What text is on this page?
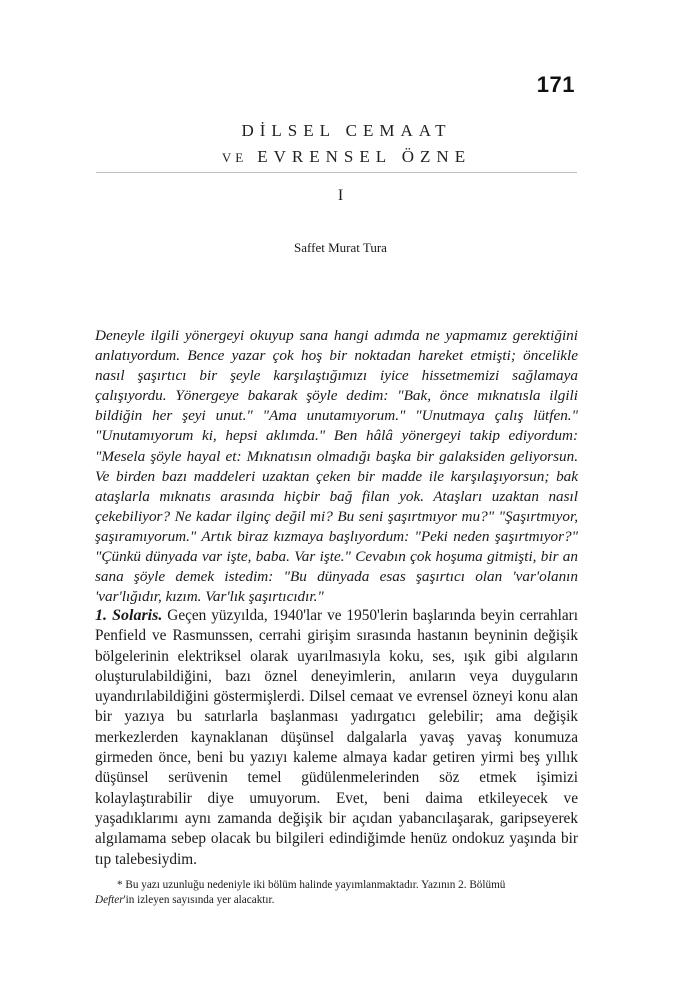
171
DİLSEL CEMAAT
VE EVRENSEL ÖZNE
I
Saffet Murat Tura
Deneyle ilgili yönergeyi okuyup sana hangi adımda ne yapmamız gerektiğini anlatıyordum. Bence yazar çok hoş bir noktadan hareket etmişti; öncelikle nasıl şaşırtıcı bir şeyle karşılaştığımızı iyice hissetmemizi sağlamaya çalışıyordu. Yönergeye bakarak şöyle dedim: "Bak, önce mıknatısla ilgili bildiğin her şeyi unut." "Ama unutamıyorum." "Unutmaya çalış lütfen." "Unutamıyorum ki, hepsi aklımda." Ben hâlâ yönergeyi takip ediyordum: "Mesela şöyle hayal et: Mıknatısın olmadığı başka bir galaksiden geliyorsun. Ve birden bazı maddeleri uzaktan çeken bir madde ile karşılaşıyorsun; bak ataşlarla mıknatıs arasında hiçbir bağ filan yok. Ataşları uzaktan nasıl çekebiliyor? Ne kadar ilginç değil mi? Bu seni şaşırtmıyor mu?" "Şaşırtmıyor, şaşıramıyorum." Artık biraz kızmaya başlıyordum: "Peki neden şaşırtmıyor?" "Çünkü dünyada var işte, baba. Var işte." Cevabın çok hoşuma gitmişti, bir an sana şöyle demek istedim: "Bu dünyada esas şaşırtıcı olan 'var'olanın 'var'lığıdır, kızım. Var'lık şaşırtıcıdır."
1. Solaris. Geçen yüzyılda, 1940'lar ve 1950'lerin başlarında beyin cerrahları Penfield ve Rasmunssen, cerrahi girişim sırasında hastanın beyninin değişik bölgelerinin elektriksel olarak uyarılmasıyla koku, ses, ışık gibi algıların oluşturulabildiğini, bazı öznel deneyimlerin, anıların veya duyguların uyandırılabildiğini göstermişlerdi. Dilsel cemaat ve evrensel özneyi konu alan bir yazıya bu satırlarla başlanması yadırgatıcı gelebilir; ama değişik merkezlerden kaynaklanan düşünsel dalgalarla yavaş yavaş konumuza girmeden önce, beni bu yazıyı kaleme almaya kadar getiren yirmi beş yıllık düşünsel serüvenin temel güdülenmelerinden söz etmek işimizi kolaylaştırabilir diye umuyorum. Evet, beni daima etkileyecek ve yaşadıklarımı aynı zamanda değişik bir açıdan yabancılaşarak, garipseyerek algılamama sebep olacak bu bilgileri edindiğimde henüz ondokuz yaşında bir tıp talebesiydim.
* Bu yazı uzunluğu nedeniyle iki bölüm halinde yayımlanmaktadır. Yazının 2. Bölümü
Defter'in izleyen sayısında yer alacaktır.
